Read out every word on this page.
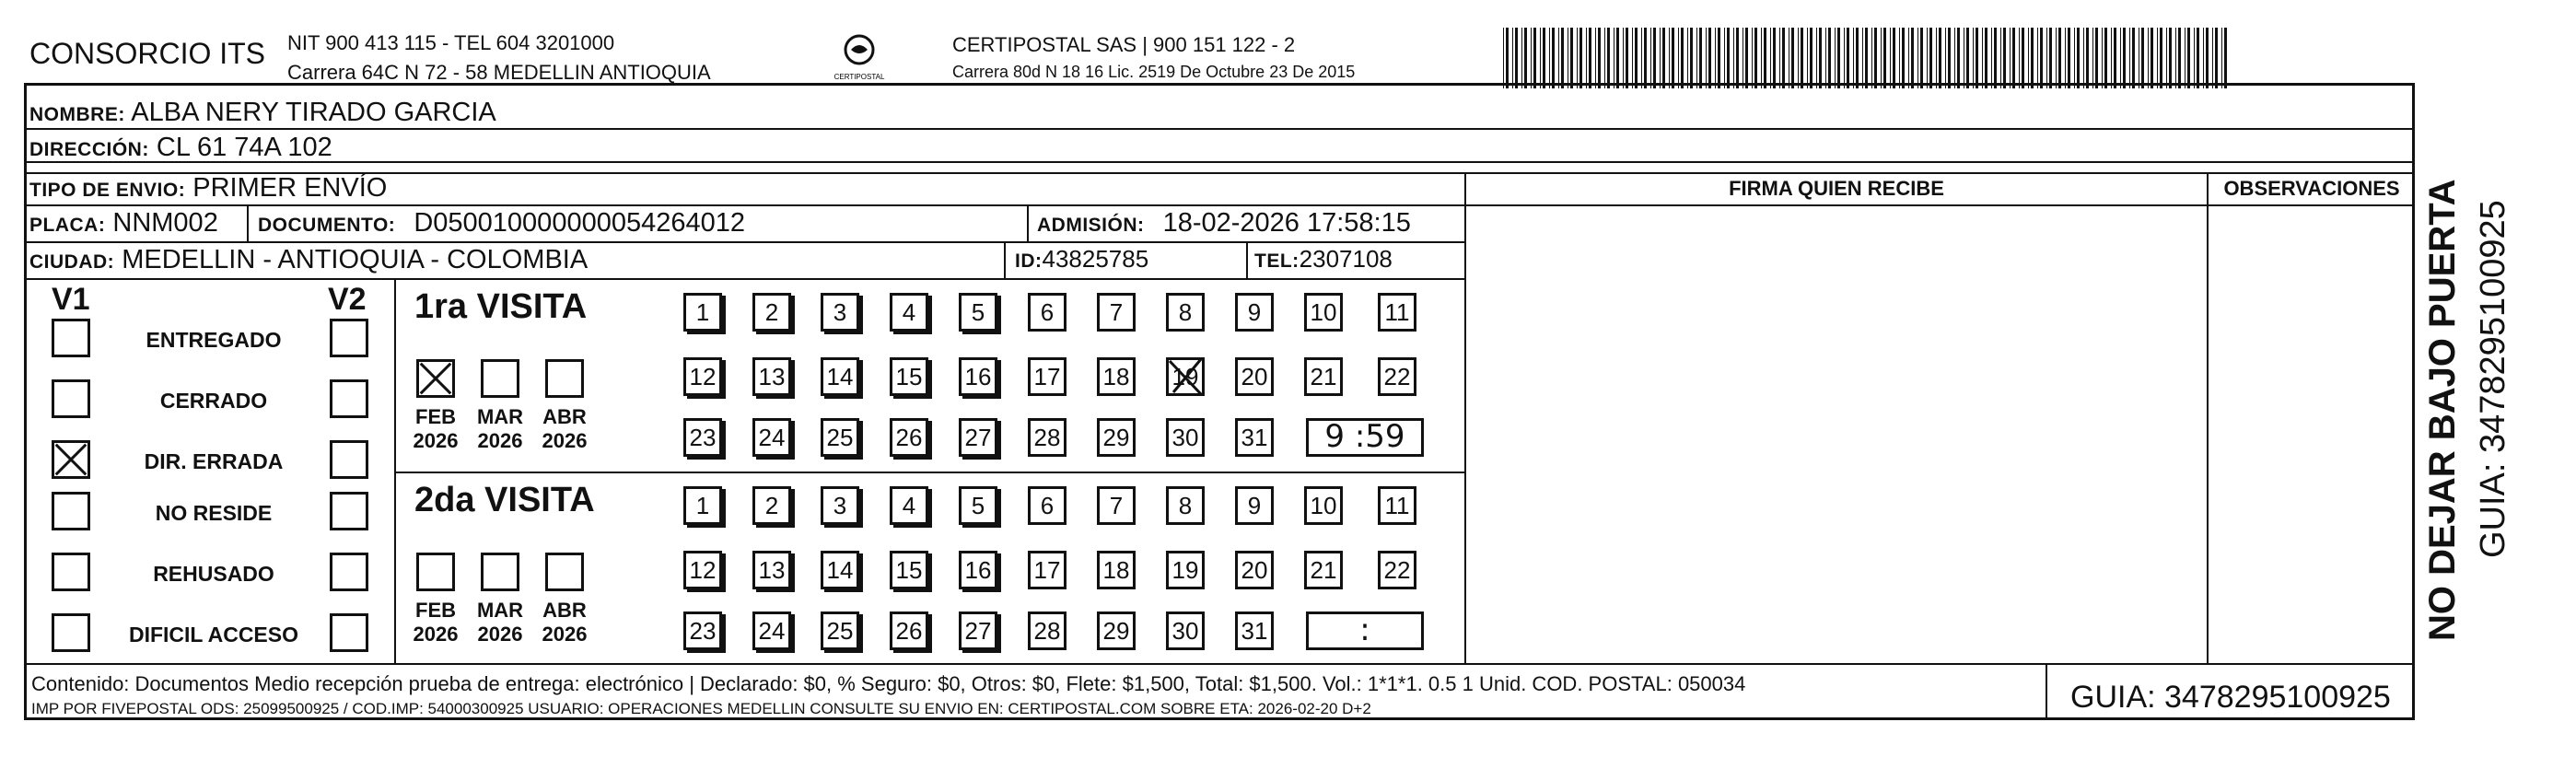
CONSORCIO ITS NIT 900 413 115 - TEL 604 3201000
Carrera 64C N 72 - 58 MEDELLIN ANTIOQUIA	CERTIPOSTAL
CERTIPOSTAL SAS | 900 151 122 - 2
Carrera 80d N 18 16 Lic. 2519 De Octubre 23 De 2015
NOMBRE: ALBA NERY TIRADO GARCIA
DIRECCIÓN: CL 61 74A 102
TIPO DE ENVIO: PRIMER ENVÍO
PLACA: NNM002 DOCUMENTO: D050010000000054264012	ADMISIÓN: 18-02-2026 17:58:15
CIUDAD: MEDELLIN - ANTIOQUIA - COLOMBIA	ID:43825785	TEL:2307108
FIRMA QUIEN RECIBE	OBSERVACIONES
V1	V2
ENTREGADO
CERRADO
DIR. ERRADA
NO RESIDE
REHUSADO
DIFICIL ACCESO
1ra VISITA
FEB
2026
MAR
2026
ABR
2026
1	2	3	4	5	6	7	8	9	10 11
12 13 14 15 16 17 18 19 20 21 22
23 24 25 26 27 28 29 30 31	9 :59
2da VISITA
FEB
2026
MAR
2026
ABR
2026
1	2	3	4	5	6	7	8	9	10 11
12 13 14 15 16 17 18 19 20 21 22
23 24 25 26 27 28 29 30 31	:
Contenido: Documentos Medio recepción prueba de entrega: electrónico | Declarado: $0, % Seguro: $0, Otros: $0, Flete: $1,500, Total: $1,500. Vol.: 1*1*1. 0.5 1 Unid. COD. POSTAL: 050034
IMP POR FIVEPOSTAL ODS: 25099500925 / COD.IMP: 54000300925 USUARIO: OPERACIONES MEDELLIN CONSULTE SU ENVIO EN: CERTIPOSTAL.COM SOBRE ETA: 2026-02-20 D+2	GUIA: 3478295100925
NO DEJAR BAJO PUERTA GUIA: 3478295100925
